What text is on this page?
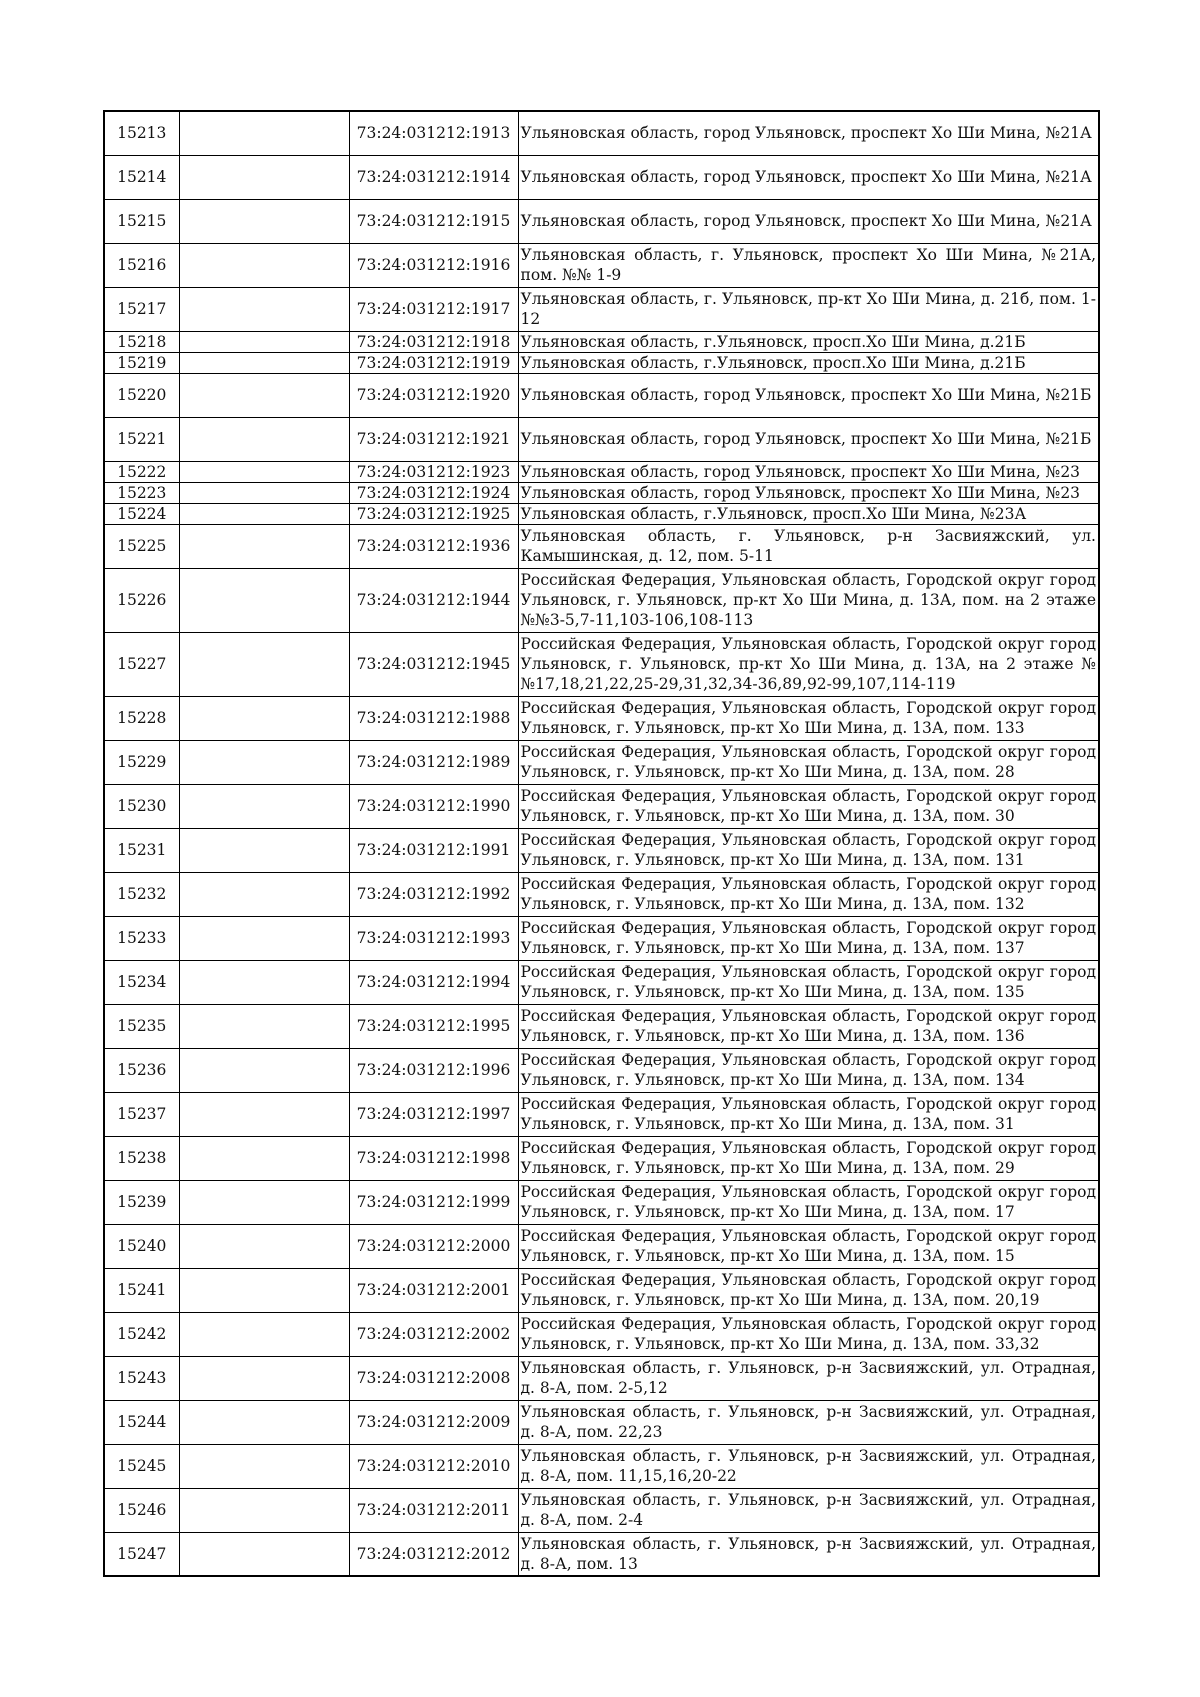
15213		73:24:031212:1913	Ульяновская область, город Ульяновск, проспект Хо Ши Мина, №21А
15214		73:24:031212:1914	Ульяновская область, город Ульяновск, проспект Хо Ши Мина, №21А
15215		73:24:031212:1915	Ульяновская область, город Ульяновск, проспект Хо Ши Мина, №21А
15216		73:24:031212:1916	Ульяновская область, г. Ульяновск, проспект Хо Ши Мина, №21А, пом. №№ 1-9
15217		73:24:031212:1917	Ульяновская область, г. Ульяновск, пр-кт Хо Ши Мина, д. 21б, пом. 1-12
15218		73:24:031212:1918	Ульяновская область, г.Ульяновск, просп.Хо Ши Мина, д.21Б
15219		73:24:031212:1919	Ульяновская область, г.Ульяновск, просп.Хо Ши Мина, д.21Б
15220		73:24:031212:1920	Ульяновская область, город Ульяновск, проспект Хо Ши Мина, №21Б
15221		73:24:031212:1921	Ульяновская область, город Ульяновск, проспект Хо Ши Мина, №21Б
15222		73:24:031212:1923	Ульяновская область, город Ульяновск, проспект Хо Ши Мина, №23
15223		73:24:031212:1924	Ульяновская область, город Ульяновск, проспект Хо Ши Мина, №23
15224		73:24:031212:1925	Ульяновская область, г.Ульяновск, просп.Хо Ши Мина, №23А
15225		73:24:031212:1936	Ульяновская область, г. Ульяновск, р-н Засвияжский, ул. Камышинская, д. 12, пом. 5-11
15226		73:24:031212:1944	Российская Федерация, Ульяновская область, Городской округ город Ульяновск, г. Ульяновск, пр-кт Хо Ши Мина, д. 13А, пом. на 2 этаже №№3-5,7-11,103-106,108-113
15227		73:24:031212:1945	Российская Федерация, Ульяновская область, Городской округ город Ульяновск, г. Ульяновск, пр-кт Хо Ши Мина, д. 13А, на 2 этаже №№17,18,21,22,25-29,31,32,34-36,89,92-99,107,114-119
15228		73:24:031212:1988	Российская Федерация, Ульяновская область, Городской округ город Ульяновск, г. Ульяновск, пр-кт Хо Ши Мина, д. 13А, пом. 133
15229		73:24:031212:1989	Российская Федерация, Ульяновская область, Городской округ город Ульяновск, г. Ульяновск, пр-кт Хо Ши Мина, д. 13А, пом. 28
15230		73:24:031212:1990	Российская Федерация, Ульяновская область, Городской округ город Ульяновск, г. Ульяновск, пр-кт Хо Ши Мина, д. 13А, пом. 30
15231		73:24:031212:1991	Российская Федерация, Ульяновская область, Городской округ город Ульяновск, г. Ульяновск, пр-кт Хо Ши Мина, д. 13А, пом. 131
15232		73:24:031212:1992	Российская Федерация, Ульяновская область, Городской округ город Ульяновск, г. Ульяновск, пр-кт Хо Ши Мина, д. 13А, пом. 132
15233		73:24:031212:1993	Российская Федерация, Ульяновская область, Городской округ город Ульяновск, г. Ульяновск, пр-кт Хо Ши Мина, д. 13А, пом. 137
15234		73:24:031212:1994	Российская Федерация, Ульяновская область, Городской округ город Ульяновск, г. Ульяновск, пр-кт Хо Ши Мина, д. 13А, пом. 135
15235		73:24:031212:1995	Российская Федерация, Ульяновская область, Городской округ город Ульяновск, г. Ульяновск, пр-кт Хо Ши Мина, д. 13А, пом. 136
15236		73:24:031212:1996	Российская Федерация, Ульяновская область, Городской округ город Ульяновск, г. Ульяновск, пр-кт Хо Ши Мина, д. 13А, пом. 134
15237		73:24:031212:1997	Российская Федерация, Ульяновская область, Городской округ город Ульяновск, г. Ульяновск, пр-кт Хо Ши Мина, д. 13А, пом. 31
15238		73:24:031212:1998	Российская Федерация, Ульяновская область, Городской округ город Ульяновск, г. Ульяновск, пр-кт Хо Ши Мина, д. 13А, пом. 29
15239		73:24:031212:1999	Российская Федерация, Ульяновская область, Городской округ город Ульяновск, г. Ульяновск, пр-кт Хо Ши Мина, д. 13А, пом. 17
15240		73:24:031212:2000	Российская Федерация, Ульяновская область, Городской округ город Ульяновск, г. Ульяновск, пр-кт Хо Ши Мина, д. 13А, пом. 15
15241		73:24:031212:2001	Российская Федерация, Ульяновская область, Городской округ город Ульяновск, г. Ульяновск, пр-кт Хо Ши Мина, д. 13А, пом. 20,19
15242		73:24:031212:2002	Российская Федерация, Ульяновская область, Городской округ город Ульяновск, г. Ульяновск, пр-кт Хо Ши Мина, д. 13А, пом. 33,32
15243		73:24:031212:2008	Ульяновская область, г. Ульяновск, р-н Засвияжский, ул. Отрадная, д. 8-А, пом. 2-5,12
15244		73:24:031212:2009	Ульяновская область, г. Ульяновск, р-н Засвияжский, ул. Отрадная, д. 8-А, пом. 22,23
15245		73:24:031212:2010	Ульяновская область, г. Ульяновск, р-н Засвияжский, ул. Отрадная, д. 8-А, пом. 11,15,16,20-22
15246		73:24:031212:2011	Ульяновская область, г. Ульяновск, р-н Засвияжский, ул. Отрадная, д. 8-А, пом. 2-4
15247		73:24:031212:2012	Ульяновская область, г. Ульяновск, р-н Засвияжский, ул. Отрадная, д. 8-А, пом. 13
